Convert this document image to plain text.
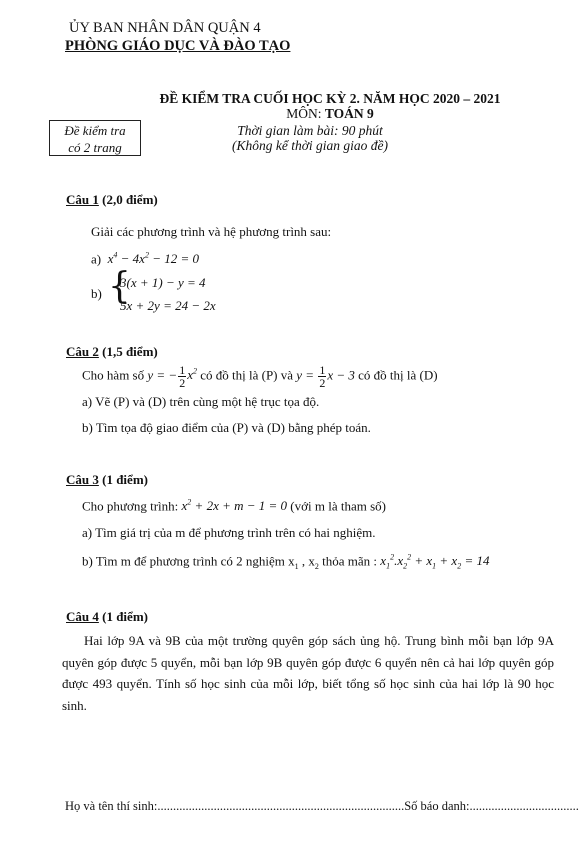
ỦY BAN NHÂN DÂN QUẬN 4
PHÒNG GIÁO DỤC VÀ ĐÀO TẠO
ĐỀ KIỂM TRA CUỐI HỌC KỲ 2. NĂM HỌC 2020 – 2021
MÔN: TOÁN 9
Đề kiểm tra
có 2 trang
Thời gian làm bài: 90 phút
(Không kể thời gian giao đề)
Câu 1 (2,0 điểm)
Giải các phương trình và hệ phương trình sau:
a) $x^4 - 4x^2 - 12 = 0$
b) {
3(x + 1) − y = 4
5x + 2y = 24 − 2x
Câu 2 (1,5 điểm)
Cho hàm số y = − $\frac{1}{2} x^2$ có đồ thị là (P) và $y = \frac{1}{2}$ x − 3 có đồ thị là (D)
a) Vẽ (P) và (D) trên cùng một hệ trục tọa độ.
b) Tìm tọa độ giao điểm của (P) và (D) bằng phép toán.
Câu 3 (1 điểm)
Cho phương trình: $x^2 + 2x + m - 1 = 0$ (với m là tham số)
a) Tìm giá trị của m để phương trình trên có hai nghiệm.
b) Tìm m để phương trình có 2 nghiệm $x_1$ , $x_2$ thỏa mãn : $x_1^2.x_2^2 + x_1 + x_2 = 14$
Câu 4 (1 điểm)
Hai lớp 9A và 9B của một trường quyên góp sách ủng hộ. Trung bình mỗi bạn lớp 9A quyên góp được 5 quyển, mỗi bạn lớp 9B quyên góp được 6 quyển nên cả hai lớp quyên góp được 493 quyển. Tính số học sinh của mỗi lớp, biết tổng số học sinh của hai lớp là 90 học sinh.
Họ và tên thí sinh:...............................................................................Số báo danh:...................................
